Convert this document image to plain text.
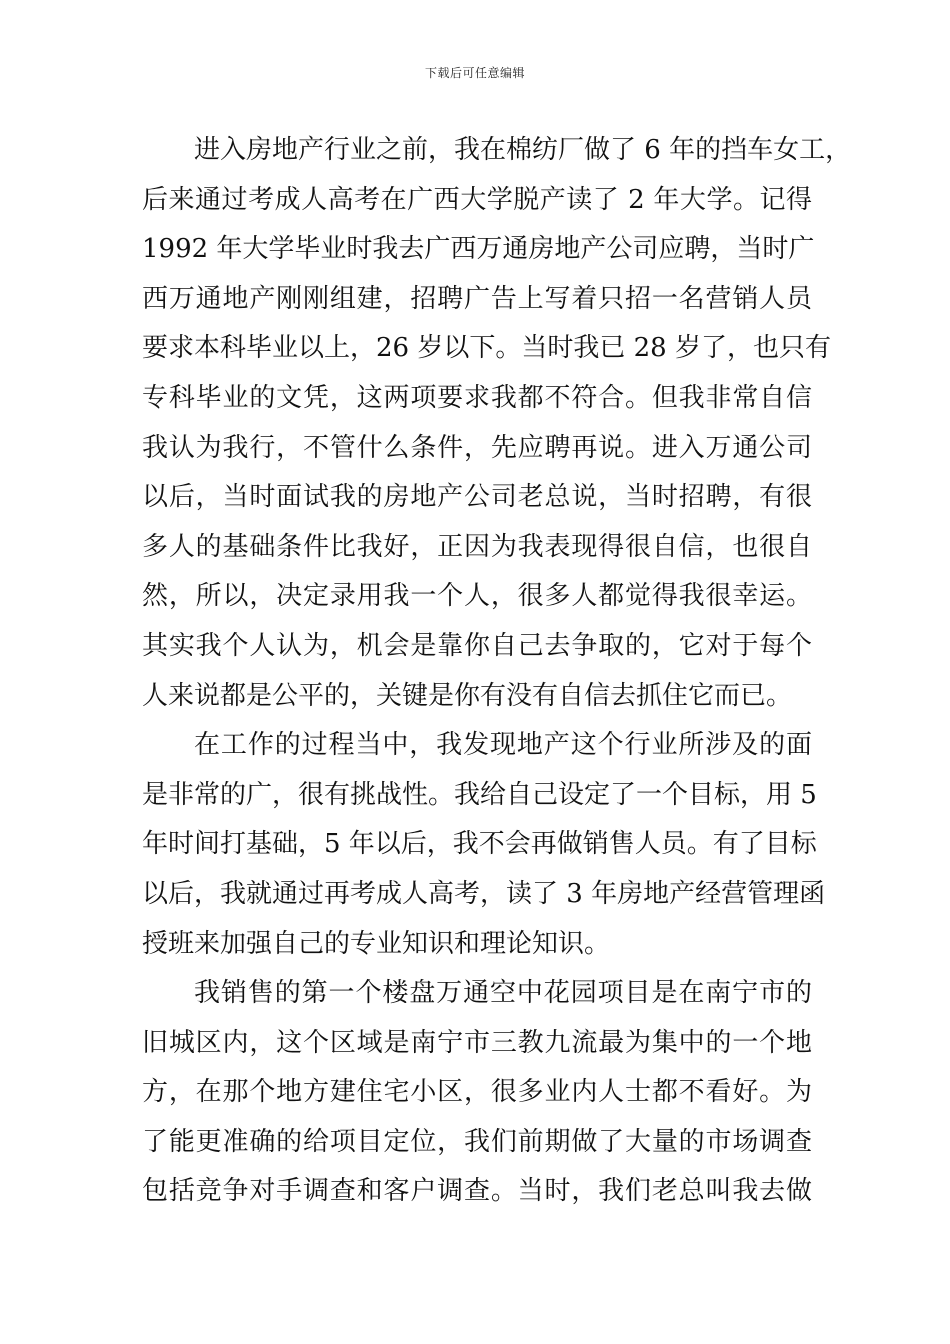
下载后可任意编辑
进入房地产行业之前，我在棉纺厂做了 6 年的挡车女工，
后来通过考成人高考在广西大学脱产读了 2 年大学。记得
1992 年大学毕业时我去广西万通房地产公司应聘，当时广
西万通地产刚刚组建，招聘广告上写着只招一名营销人员
要求本科毕业以上，26 岁以下。当时我已 28 岁了，也只有
专科毕业的文凭，这两项要求我都不符合。但我非常自信
我认为我行，不管什么条件，先应聘再说。进入万通公司
以后，当时面试我的房地产公司老总说，当时招聘，有很
多人的基础条件比我好，正因为我表现得很自信，也很自
然，所以，决定录用我一个人，很多人都觉得我很幸运。
其实我个人认为，机会是靠你自己去争取的，它对于每个
人来说都是公平的，关键是你有没有自信去抓住它而已。
在工作的过程当中，我发现地产这个行业所涉及的面
是非常的广，很有挑战性。我给自己设定了一个目标，用 5
年时间打基础，5 年以后，我不会再做销售人员。有了目标
以后，我就通过再考成人高考，读了 3 年房地产经营管理函
授班来加强自己的专业知识和理论知识。
我销售的第一个楼盘万通空中花园项目是在南宁市的
旧城区内，这个区域是南宁市三教九流最为集中的一个地
方，在那个地方建住宅小区，很多业内人士都不看好。为
了能更准确的给项目定位，我们前期做了大量的市场调查
包括竞争对手调查和客户调查。当时，我们老总叫我去做
